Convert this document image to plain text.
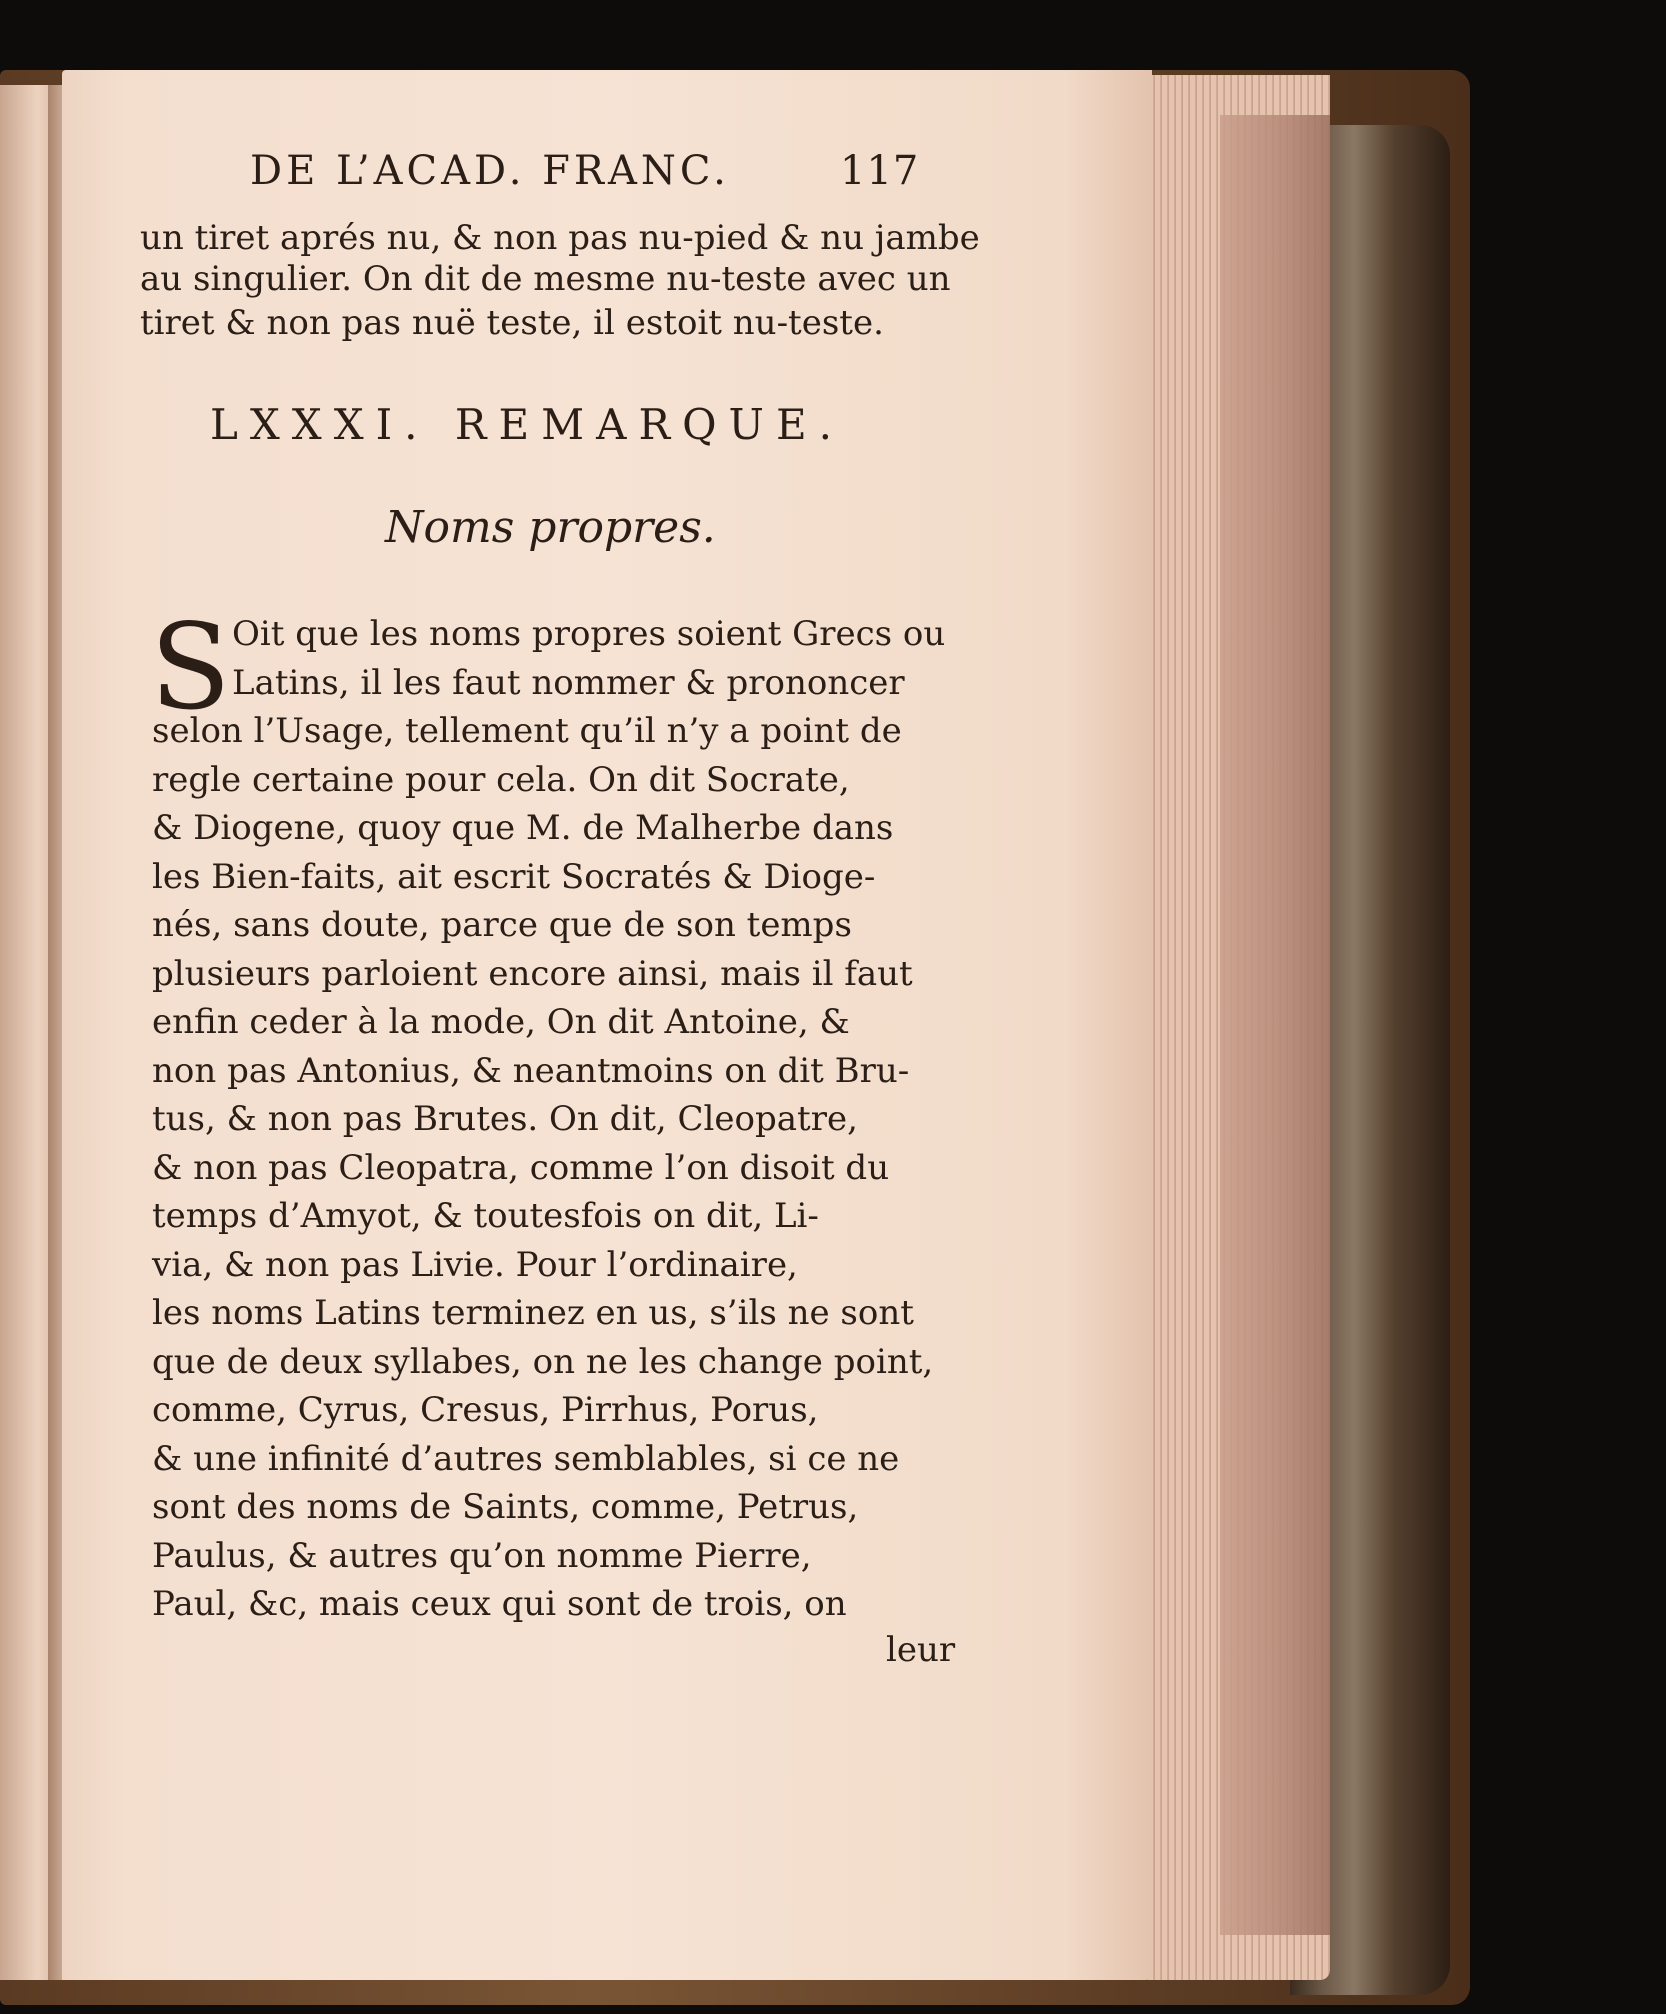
DE L’ACAD. FRANC.	117
un tiret aprés nu, & non pas nu-pied & nu jambe
au singulier. On dit de mesme nu-teste avec un
tiret & non pas nuë teste, il estoit nu-teste.
LXXXI. REMARQUE.
Noms propres.
S Oit que les noms propres soient Grecs ou
Latins, il les faut nommer & prononcer
selon l’Usage, tellement qu’il n’y a point de
regle certaine pour cela. On dit Socrate,
& Diogene, quoy que M. de Malherbe dans
les Bien-faits, ait escrit Socratés & Dioge-
nés, sans doute, parce que de son temps
plusieurs parloient encore ainsi, mais il faut
enfin ceder à la mode, On dit Antoine, &
non pas Antonius, & neantmoins on dit Bru-
tus, & non pas Brutes. On dit, Cleopatre,
& non pas Cleopatra, comme l’on disoit du
temps d’Amyot, & toutesfois on dit, Li-
via, & non pas Livie. Pour l’ordinaire,
les noms Latins terminez en us, s’ils ne sont
que de deux syllabes, on ne les change point,
comme, Cyrus, Cresus, Pirrhus, Porus,
& une infinité d’autres semblables, si ce ne
sont des noms de Saints, comme, Petrus,
Paulus, & autres qu’on nomme Pierre,
Paul, &c, mais ceux qui sont de trois, on
leur
